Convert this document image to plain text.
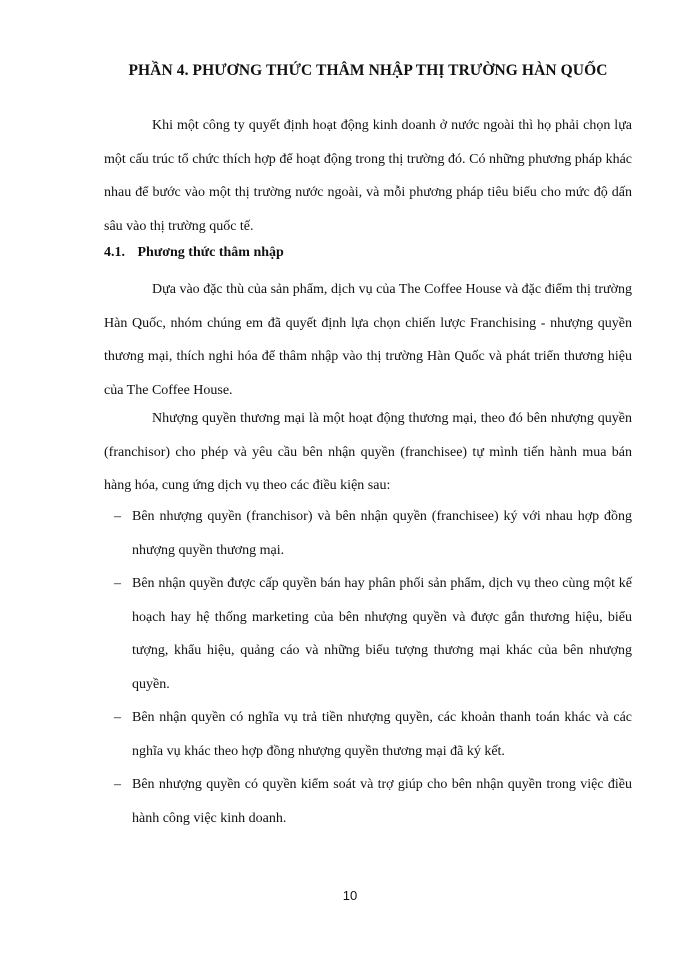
PHẦN 4. PHƯƠNG THỨC THÂM NHẬP THỊ TRƯỜNG HÀN QUỐC

Khi một công ty quyết định hoạt động kinh doanh ở nước ngoài thì họ phải chọn lựa một cấu trúc tổ chức thích hợp để hoạt động trong thị trường đó. Có những phương pháp khác nhau để bước vào một thị trường nước ngoài, và mỗi phương pháp tiêu biểu cho mức độ dấn sâu vào thị trường quốc tế.

4.1. Phương thức thâm nhập

Dựa vào đặc thù của sản phẩm, dịch vụ của The Coffee House và đặc điểm thị trường Hàn Quốc, nhóm chúng em đã quyết định lựa chọn chiến lược Franchising - nhượng quyền thương mại, thích nghi hóa để thâm nhập vào thị trường Hàn Quốc và phát triển thương hiệu của The Coffee House.

Nhượng quyền thương mại là một hoạt động thương mại, theo đó bên nhượng quyền (franchisor) cho phép và yêu cầu bên nhận quyền (franchisee) tự mình tiến hành mua bán hàng hóa, cung ứng dịch vụ theo các điều kiện sau:

– Bên nhượng quyền (franchisor) và bên nhận quyền (franchisee) ký với nhau hợp đồng nhượng quyền thương mại.
– Bên nhận quyền được cấp quyền bán hay phân phối sản phẩm, dịch vụ theo cùng một kế hoạch hay hệ thống marketing của bên nhượng quyền và được gắn thương hiệu, biểu tượng, khẩu hiệu, quảng cáo và những biểu tượng thương mại khác của bên nhượng quyền.
– Bên nhận quyền có nghĩa vụ trả tiền nhượng quyền, các khoản thanh toán khác và các nghĩa vụ khác theo hợp đồng nhượng quyền thương mại đã ký kết.
– Bên nhượng quyền có quyền kiểm soát và trợ giúp cho bên nhận quyền trong việc điều hành công việc kinh doanh.
10
